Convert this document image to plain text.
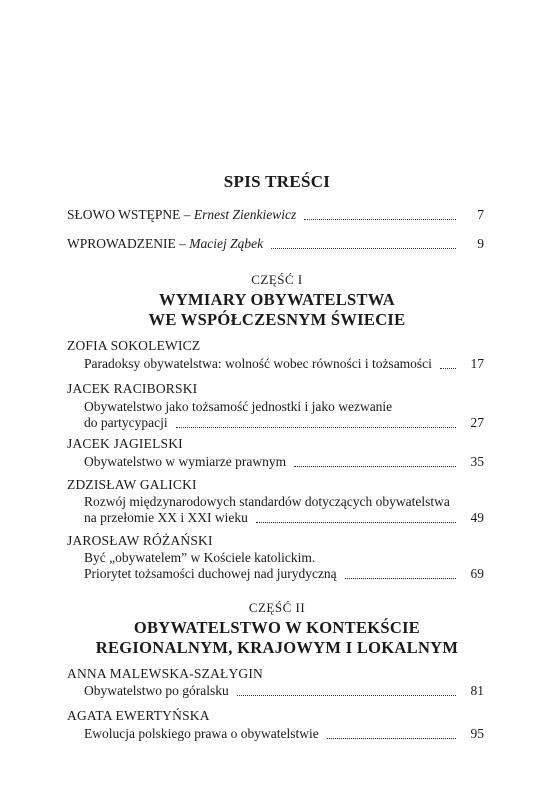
SPIS TREŚCI
SŁOWO WSTĘPNE – Ernest Zienkiewicz	7
WPROWADZENIE – Maciej Ząbek	9
CZĘŚĆ I
WYMIARY OBYWATELSTWA
WE WSPÓŁCZESNYM ŚWIECIE
ZOFIA SOKOLEWICZ
Paradoksy obywatelstwa: wolność wobec równości i tożsamości	17
JACEK RACIBORSKI
Obywatelstwo jako tożsamość jednostki i jako wezwanie
do partycypacji	27
JACEK JAGIELSKI
Obywatelstwo w wymiarze prawnym	35
ZDZISŁAW GALICKI
Rozwój międzynarodowych standardów dotyczących obywatelstwa
na przełomie XX i XXI wieku	49
JAROSŁAW RÓŻAŃSKI
Być „obywatelem” w Kościele katolickim.
Priorytet tożsamości duchowej nad jurydyczną	69
CZĘŚĆ II
OBYWATELSTWO W KONTEKŚCIE
REGIONALNYM, KRAJOWYM I LOKALNYM
ANNA MALEWSKA-SZAŁYGIN
Obywatelstwo po góralsku	81
AGATA EWERTYŃSKA
Ewolucja polskiego prawa o obywatelstwie	95
